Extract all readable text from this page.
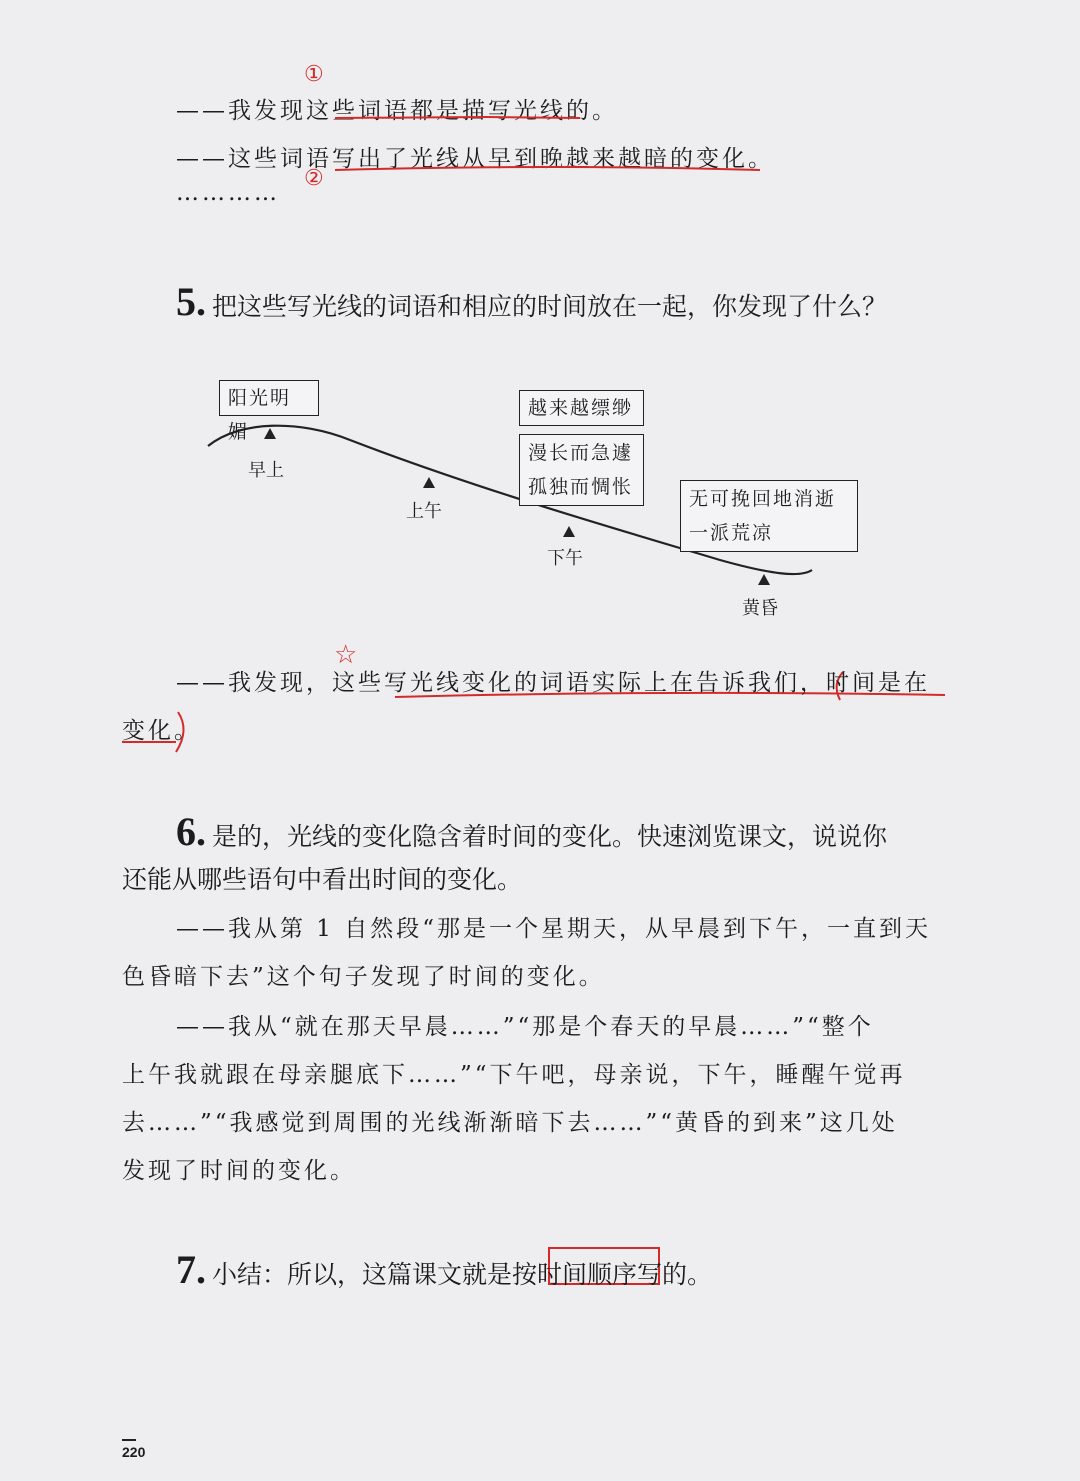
——我发现这些词语都是描写光线的。
——这些词语写出了光线从早到晚越来越暗的变化。
…………
①
②
5. 把这些写光线的词语和相应的时间放在一起，你发现了什么？
阳光明媚
越来越缥缈
漫长而急遽
孤独而惆怅
无可挽回地消逝
一派荒凉
早上
上午
下午
黄昏
☆
——我发现，这些写光线变化的词语实际上在告诉我们，时间是在
变化。
6. 是的，光线的变化隐含着时间的变化。快速浏览课文，说说你
还能从哪些语句中看出时间的变化。
——我从第 1 自然段“那是一个星期天，从早晨到下午，一直到天
色昏暗下去”这个句子发现了时间的变化。
——我从“就在那天早晨……”“那是个春天的早晨……”“整个
上午我就跟在母亲腿底下……”“下午吧，母亲说，下午，睡醒午觉再
去……”“我感觉到周围的光线渐渐暗下去……”“黄昏的到来”这几处
发现了时间的变化。
7. 小结：所以，这篇课文就是按时间顺序写的。
220
